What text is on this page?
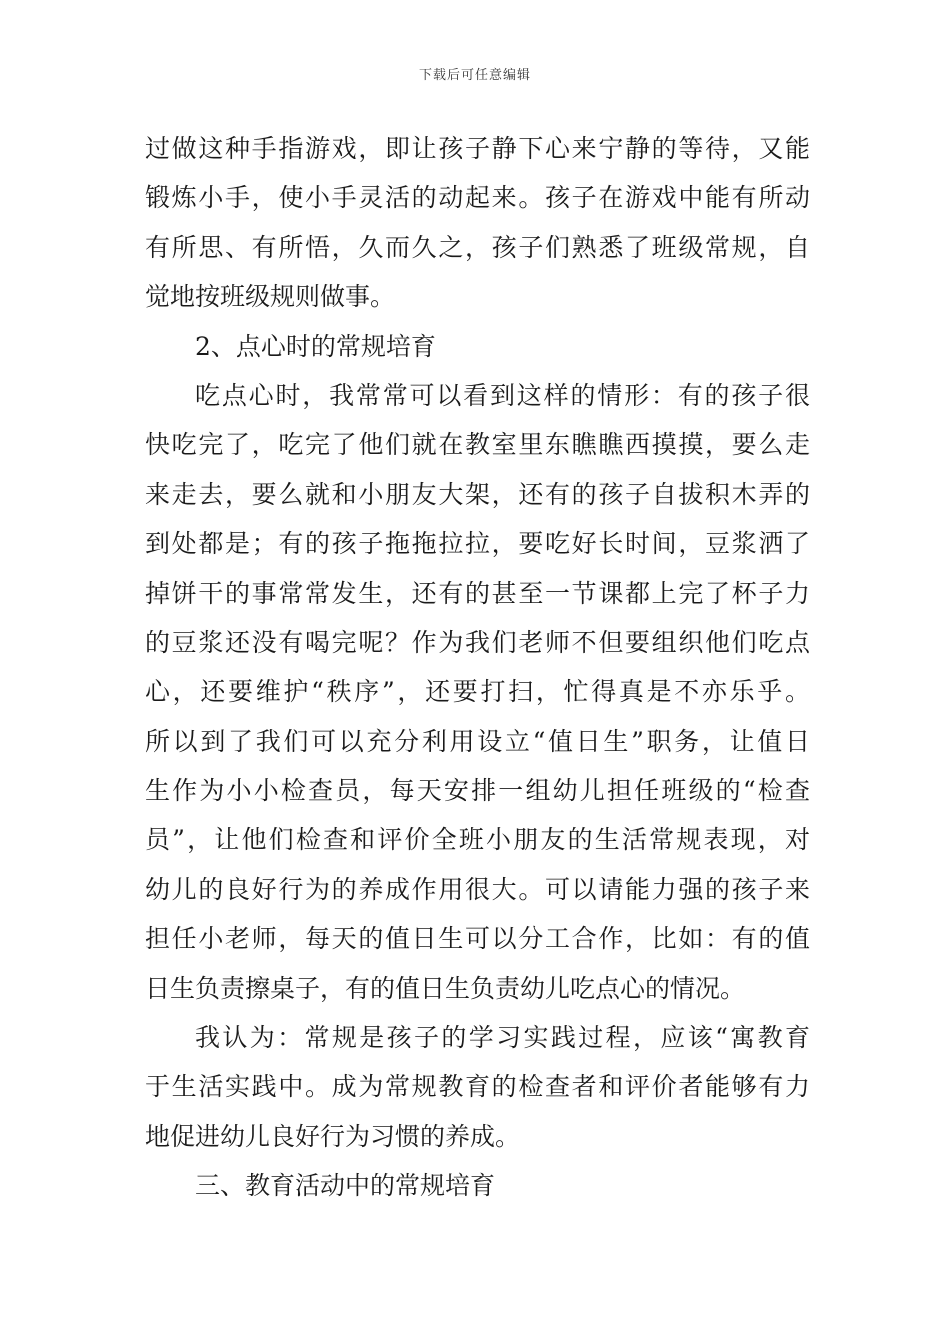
下载后可任意编辑
过做这种手指游戏，即让孩子静下心来宁静的等待，又能
锻炼小手，使小手灵活的动起来。孩子在游戏中能有所动
有所思、有所悟，久而久之，孩子们熟悉了班级常规，自
觉地按班级规则做事。
2、点心时的常规培育
吃点心时，我常常可以看到这样的情形：有的孩子很
快吃完了，吃完了他们就在教室里东瞧瞧西摸摸，要么走
来走去，要么就和小朋友大架，还有的孩子自拔积木弄的
到处都是；有的孩子拖拖拉拉，要吃好长时间，豆浆洒了
掉饼干的事常常发生，还有的甚至一节课都上完了杯子力
的豆浆还没有喝完呢？作为我们老师不但要组织他们吃点
心，还要维护“秩序”，还要打扫，忙得真是不亦乐乎。
所以到了我们可以充分利用设立“值日生”职务，让值日
生作为小小检查员，每天安排一组幼儿担任班级的“检查
员”，让他们检查和评价全班小朋友的生活常规表现，对
幼儿的良好行为的养成作用很大。可以请能力强的孩子来
担任小老师，每天的值日生可以分工合作，比如：有的值
日生负责擦桌子，有的值日生负责幼儿吃点心的情况。
我认为：常规是孩子的学习实践过程，应该“寓教育
于生活实践中。成为常规教育的检查者和评价者能够有力
地促进幼儿良好行为习惯的养成。
三、教育活动中的常规培育
